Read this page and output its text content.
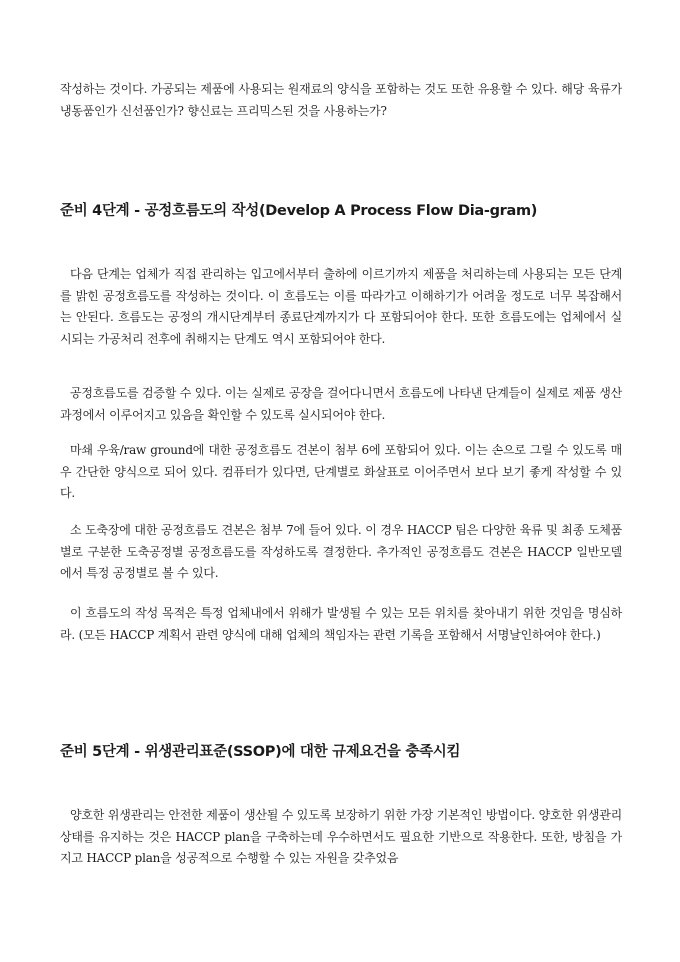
작성하는 것이다. 가공되는 제품에 사용되는 원재료의 양식을 포함하는 것도 또한 유용할 수 있다. 해당 육류가 냉동품인가 신선품인가? 향신료는 프리믹스된 것을 사용하는가?

준비 4단계 - 공정흐름도의 작성(Develop A Process Flow Dia-gram)

다음 단계는 업체가 직접 관리하는 입고에서부터 출하에 이르기까지 제품을 처리하는데 사용되는 모든 단계를 밝힌 공정흐름도를 작성하는 것이다. 이 흐름도는 이를 따라가고 이해하기가 어려울 정도로 너무 복잡해서는 안된다. 흐름도는 공정의 개시단계부터 종료단계까지가 다 포함되어야 한다. 또한 흐름도에는 업체에서 실시되는 가공처리 전후에 취해지는 단계도 역시 포함되어야 한다.

공정흐름도를 검증할 수 있다. 이는 실제로 공장을 걸어다니면서 흐름도에 나타낸 단계들이 실제로 제품 생산과정에서 이루어지고 있음을 확인할 수 있도록 실시되어야 한다.

마쇄 우육/raw ground에 대한 공정흐름도 견본이 첨부 6에 포함되어 있다. 이는 손으로 그릴 수 있도록 매우 간단한 양식으로 되어 있다. 컴퓨터가 있다면, 단계별로 화살표로 이어주면서 보다 보기 좋게 작성할 수 있다.

소 도축장에 대한 공정흐름도 견본은 첨부 7에 들어 있다. 이 경우 HACCP 팀은 다양한 육류 및 최종 도체품별로 구분한 도축공정별 공정흐름도를 작성하도록 결정한다. 추가적인 공정흐름도 견본은 HACCP 일반모델에서 특정 공정별로 볼 수 있다.

이 흐름도의 작성 목적은 특정 업체내에서 위해가 발생될 수 있는 모든 위치를 찾아내기 위한 것임을 명심하라. (모든 HACCP 계획서 관련 양식에 대해 업체의 책임자는 관련 기록을 포함해서 서명날인하여야 한다.)

준비 5단계 - 위생관리표준(SSOP)에 대한 규제요건을 충족시킴

양호한 위생관리는 안전한 제품이 생산될 수 있도록 보장하기 위한 가장 기본적인 방법이다. 양호한 위생관리 상태를 유지하는 것은 HACCP plan을 구축하는데 우수하면서도 필요한 기반으로 작용한다. 또한, 방침을 가지고 HACCP plan을 성공적으로 수행할 수 있는 자원을 갖추었음
